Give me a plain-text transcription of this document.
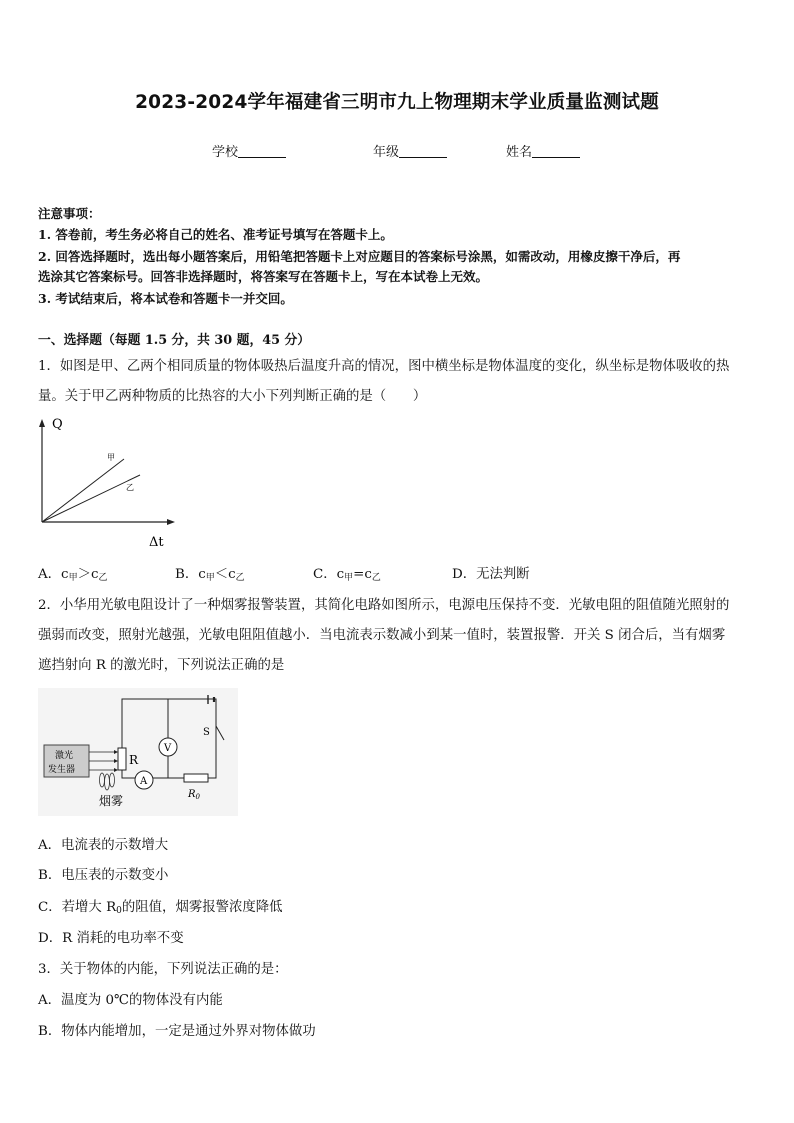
2023-2024学年福建省三明市九上物理期末学业质量监测试题
学校	年级	姓名
注意事项：
1. 答卷前，考生务必将自己的姓名、准考证号填写在答题卡上。
2. 回答选择题时，选出每小题答案后，用铅笔把答题卡上对应题目的答案标号涂黑，如需改动，用橡皮擦干净后，再
选涂其它答案标号。回答非选择题时，将答案写在答题卡上，写在本试卷上无效。
3. 考试结束后，将本试卷和答题卡一并交回。
一、选择题（每题 1.5 分，共 30 题，45 分）
1．如图是甲、乙两个相同质量的物体吸热后温度升高的情况，图中横坐标是物体温度的变化，纵坐标是物体吸收的热
量。关于甲乙两种物质的比热容的大小下列判断正确的是（　　）
Q
Δt
甲
乙
A．$c_甲>c_乙$	B．$c_甲<c_乙$	C．$c_甲=c_乙$	D．无法判断
2．小华用光敏电阻设计了一种烟雾报警装置，其简化电路如图所示，电源电压保持不变．光敏电阻的阻值随光照射的
强弱而改变，照射光越强，光敏电阻阻值越小．当电流表示数减小到某一值时，装置报警．开关 S 闭合后，当有烟雾
遮挡射向 R 的激光时，下列说法正确的是
激光
发生器
R
V
A
S
$R_0$
烟雾
A．电流表的示数增大
B．电压表的示数变小
C．若增大 $R_0$的阻值，烟雾报警浓度降低
D．R 消耗的电功率不变
3．关于物体的内能，下列说法正确的是：
A．温度为 0℃的物体没有内能
B．物体内能增加，一定是通过外界对物体做功
